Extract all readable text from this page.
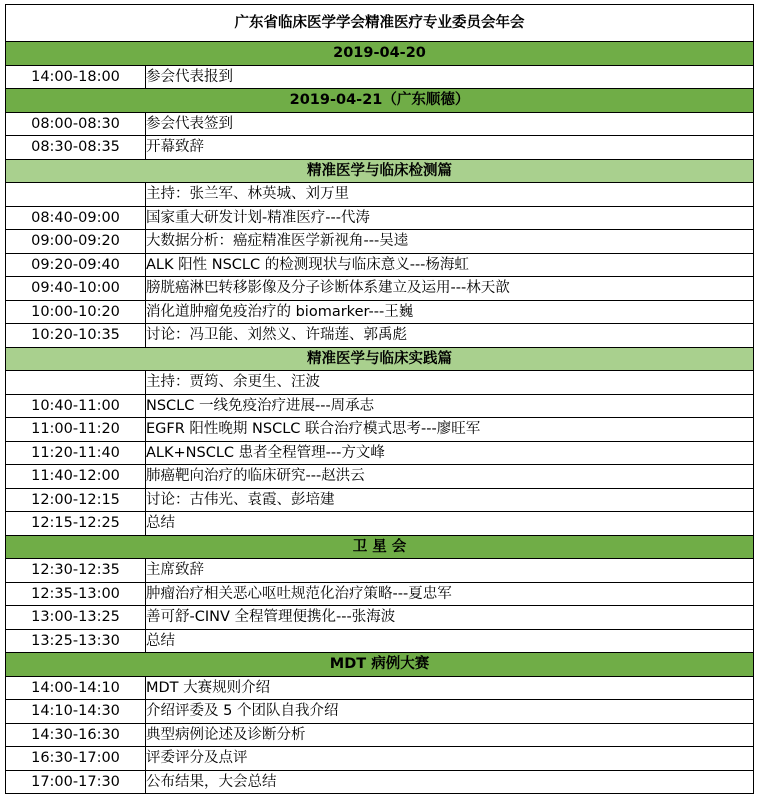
广东省临床医学学会精准医疗专业委员会年会	
2019-04-20	
14:00-18:00	参会代表报到
2019-04-21（广东顺德）	
08:00-08:30	参会代表签到
08:30-08:35	开幕致辞
精准医学与临床检测篇	
	主持：张兰军、林英城、刘万里
08:40-09:00	国家重大研发计划-精准医疗---代涛
09:00-09:20	大数据分析：癌症精准医学新视角---吴逵
09:20-09:40	ALK 阳性 NSCLC 的检测现状与临床意义---杨海虹
09:40-10:00	膀胱癌淋巴转移影像及分子诊断体系建立及运用---林天歆
10:00-10:20	消化道肿瘤免疫治疗的 biomarker---王巍
10:20-10:35	讨论：冯卫能、刘然义、许瑞莲、郭禹彪
精准医学与临床实践篇	
	主持：贾筠、余更生、汪波
10:40-11:00	NSCLC 一线免疫治疗进展---周承志
11:00-11:20	EGFR 阳性晚期 NSCLC 联合治疗模式思考---廖旺军
11:20-11:40	ALK+NSCLC 患者全程管理---方文峰
11:40-12:00	肺癌靶向治疗的临床研究---赵洪云
12:00-12:15	讨论：古伟光、袁霞、彭培建
12:15-12:25	总结
卫 星 会	
12:30-12:35	主席致辞
12:35-13:00	肿瘤治疗相关恶心呕吐规范化治疗策略---夏忠军
13:00-13:25	善可舒-CINV 全程管理便携化---张海波
13:25-13:30	总结
MDT 病例大赛	
14:00-14:10	MDT 大赛规则介绍
14:10-14:30	介绍评委及 5 个团队自我介绍
14:30-16:30	典型病例论述及诊断分析
16:30-17:00	评委评分及点评
17:00-17:30	公布结果，大会总结
